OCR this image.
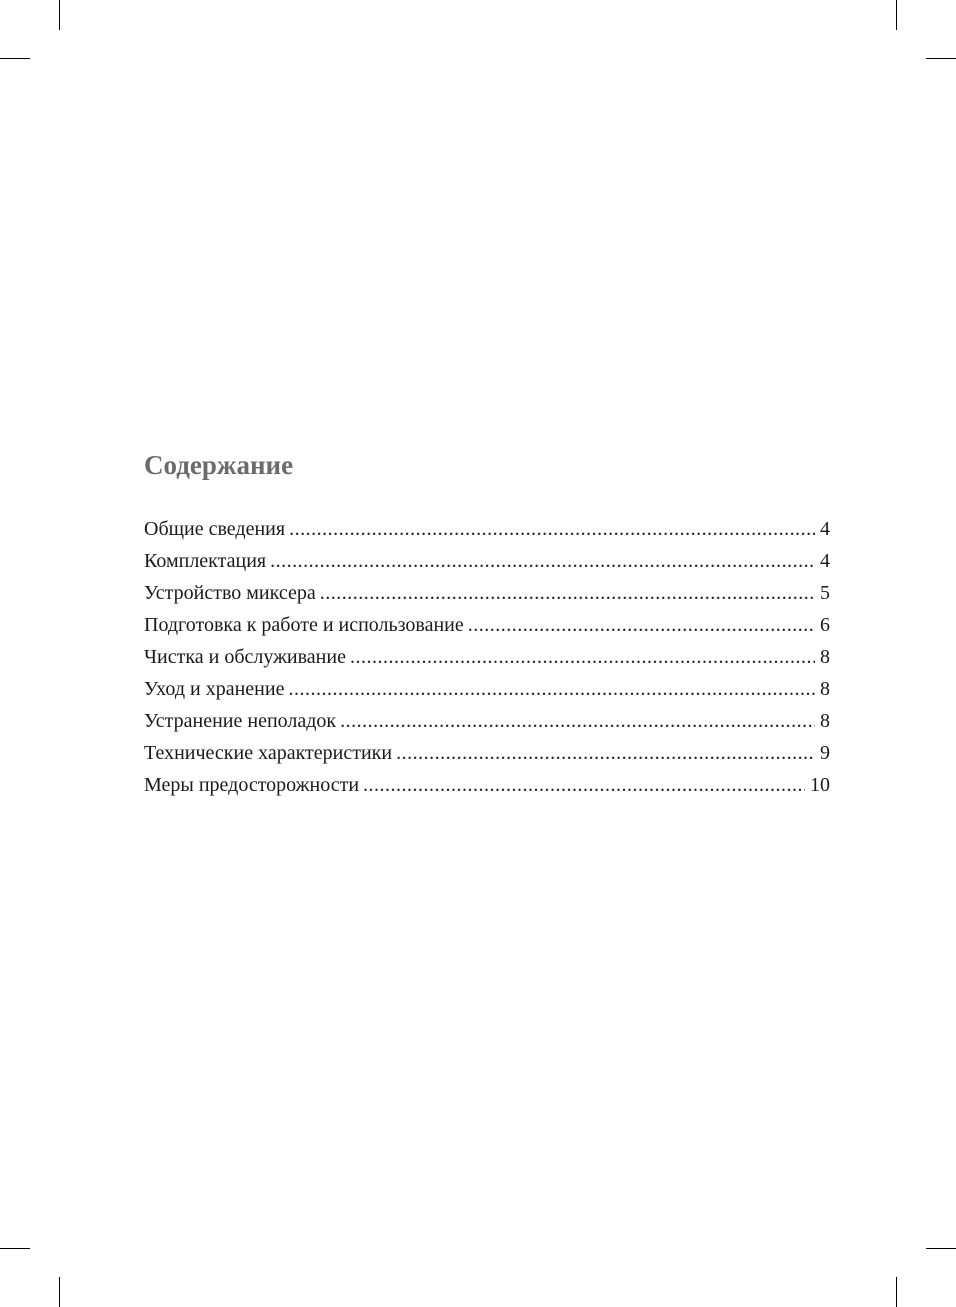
Содержание
Общие сведения .....	4
Комплектация .....	4
Устройство миксера .....	5
Подготовка к работе и использование .....	6
Чистка и обслуживание .....	8
Уход и хранение .....	8
Устранение неполадок .....	8
Технические характеристики .....	9
Меры предосторожности .....	10
